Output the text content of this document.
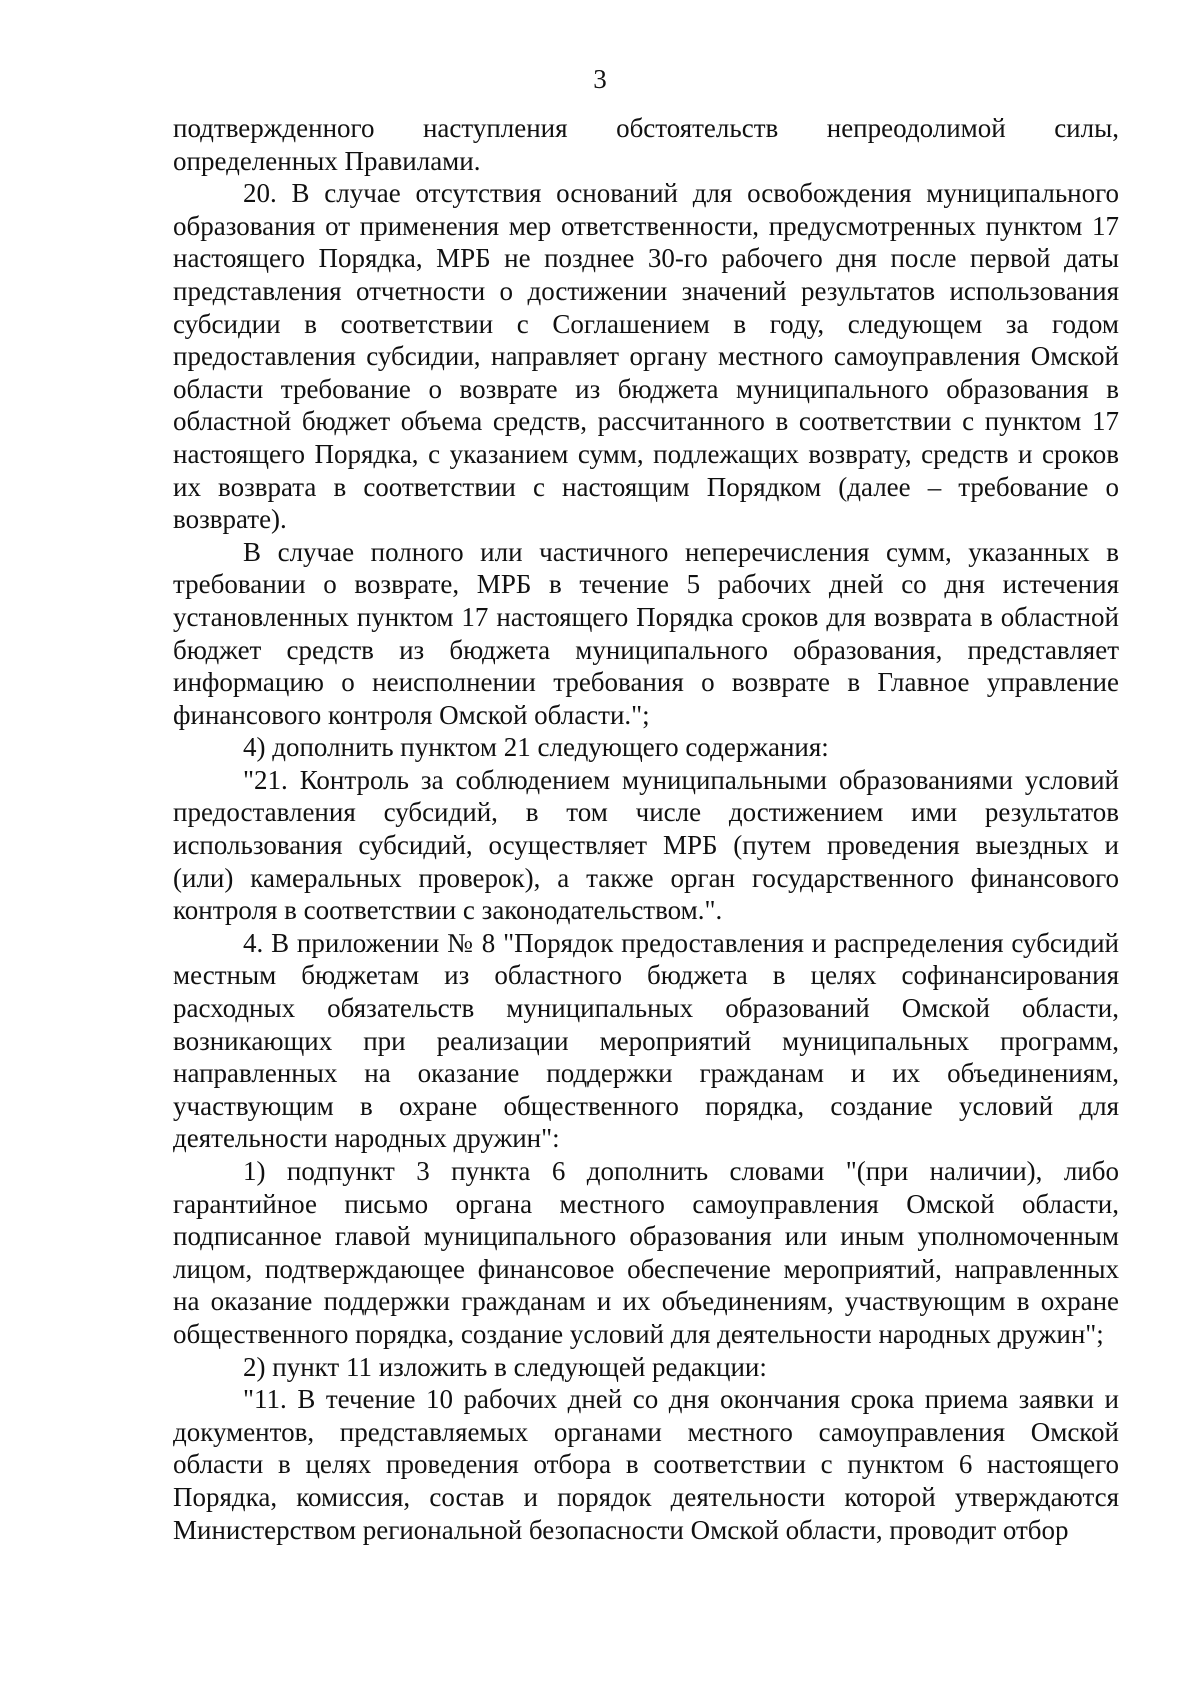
3

подтвержденного наступления обстоятельств непреодолимой силы, определенных Правилами.

20. В случае отсутствия оснований для освобождения муниципального образования от применения мер ответственности, предусмотренных пунктом 17 настоящего Порядка, МРБ не позднее 30-го рабочего дня после первой даты представления отчетности о достижении значений результатов использования субсидии в соответствии с Соглашением в году, следующем за годом предоставления субсидии, направляет органу местного самоуправления Омской области требование о возврате из бюджета муниципального образования в областной бюджет объема средств, рассчитанного в соответствии с пунктом 17 настоящего Порядка, с указанием сумм, подлежащих возврату, средств и сроков их возврата в соответствии с настоящим Порядком (далее – требование о возврате).

В случае полного или частичного неперечисления сумм, указанных в требовании о возврате, МРБ в течение 5 рабочих дней со дня истечения установленных пунктом 17 настоящего Порядка сроков для возврата в областной бюджет средств из бюджета муниципального образования, представляет информацию о неисполнении требования о возврате в Главное управление финансового контроля Омской области.";

4) дополнить пунктом 21 следующего содержания:

"21. Контроль за соблюдением муниципальными образованиями условий предоставления субсидий, в том числе достижением ими результатов использования субсидий, осуществляет МРБ (путем проведения выездных и (или) камеральных проверок), а также орган государственного финансового контроля в соответствии с законодательством.".

4. В приложении № 8 "Порядок предоставления и распределения субсидий местным бюджетам из областного бюджета в целях софинансирования расходных обязательств муниципальных образований Омской области, возникающих при реализации мероприятий муниципальных программ, направленных на оказание поддержки гражданам и их объединениям, участвующим в охране общественного порядка, создание условий для деятельности народных дружин":

1) подпункт 3 пункта 6 дополнить словами "(при наличии), либо гарантийное письмо органа местного самоуправления Омской области, подписанное главой муниципального образования или иным уполномоченным лицом, подтверждающее финансовое обеспечение мероприятий, направленных на оказание поддержки гражданам и их объединениям, участвующим в охране общественного порядка, создание условий для деятельности народных дружин";

2) пункт 11 изложить в следующей редакции:

"11. В течение 10 рабочих дней со дня окончания срока приема заявки и документов, представляемых органами местного самоуправления Омской области в целях проведения отбора в соответствии с пунктом 6 настоящего Порядка, комиссия, состав и порядок деятельности которой утверждаются Министерством региональной безопасности Омской области, проводит отбор
